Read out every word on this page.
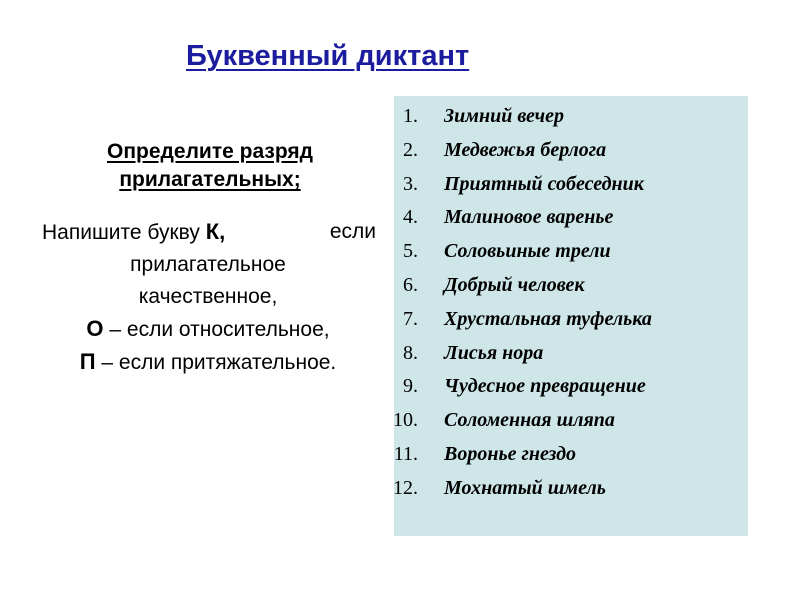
Буквенный диктант
Определите разряд прилагательных;
Напишите букву К,	если
прилагательное
качественное,
О – если относительное,
П – если притяжательное.
1.	Зимний вечер
2.	Медвежья берлога
3.	Приятный собеседник
4.	Малиновое варенье
5.	Соловьиные трели
6.	Добрый человек
7.	Хрустальная туфелька
8.	Лисья нора
9.	Чудесное превращение
10.	Соломенная шляпа
11.	Воронье гнездо
12.	Мохнатый шмель
